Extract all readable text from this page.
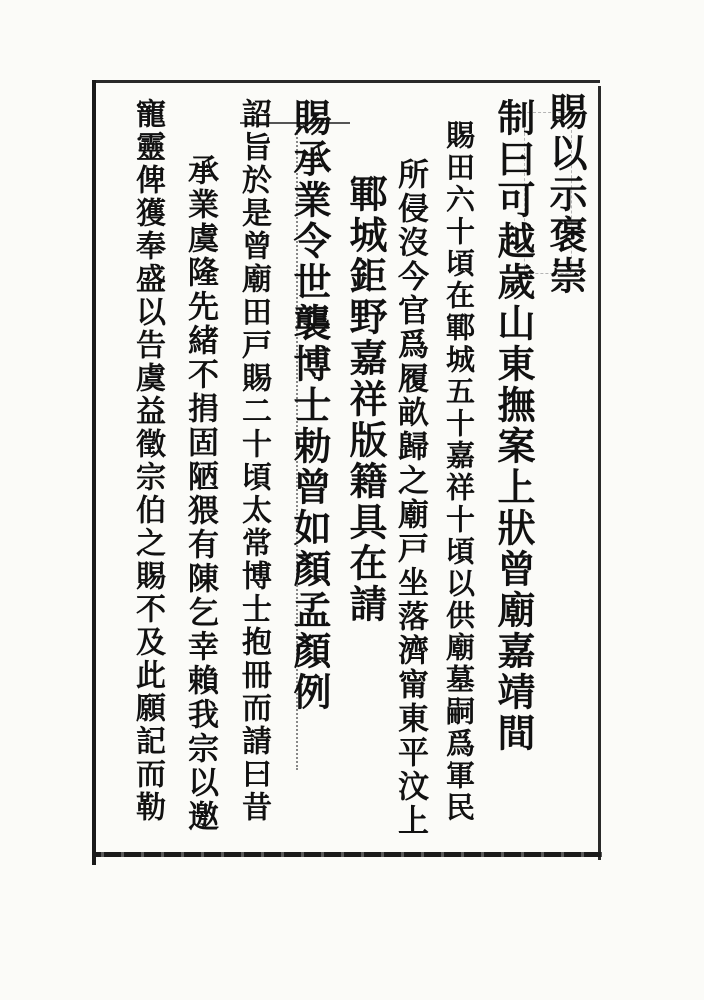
賜以示褒崇
制曰可越歲山東撫案上狀曾廟嘉靖間
賜田六十頃在鄆城五十嘉祥十頃以供廟墓嗣爲軍民
所侵沒今官爲履畝歸之廟戸坐落濟甯東平汶上
鄆城鉅野嘉祥版籍具在請
賜承業令世襲博士勅曾如顏孟顏例
詔旨於是曾廟田戸賜二十頃太常博士抱冊而請曰昔
承業虞隆先緒不捐固陋猥有陳乞幸賴我宗以邀
寵靈俾獲奉盛以告虞益徵宗伯之賜不及此願記而勒
